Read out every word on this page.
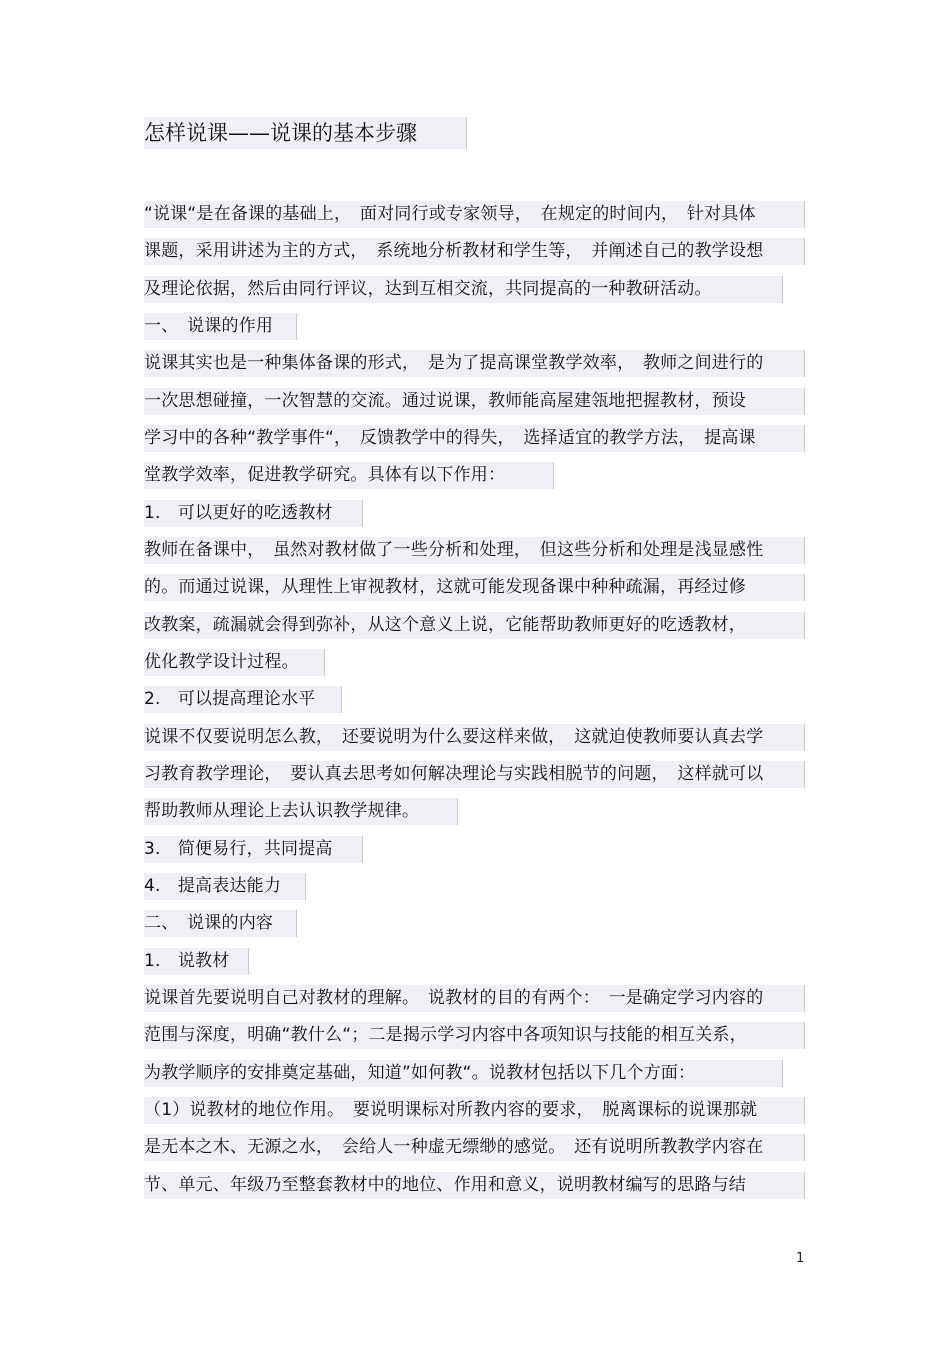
怎样说课——说课的基本步骤
“说课“是在备课的基础上，　面对同行或专家领导，　在规定的时间内，　针对具体
课题，采用讲述为主的方式，　系统地分析教材和学生等，　并阐述自己的教学设想
及理论依据，然后由同行评议，达到互相交流，共同提高的一种教研活动。
一、　说课的作用
说课其实也是一种集体备课的形式，　是为了提高课堂教学效率，　教师之间进行的
一次思想碰撞，一次智慧的交流。通过说课，教师能高屋建瓴地把握教材，预设
学习中的各种“教学事件“，　反馈教学中的得失，　选择适宜的教学方法，　提高课
堂教学效率，促进教学研究。具体有以下作用：
1.　可以更好的吃透教材
教师在备课中，　虽然对教材做了一些分析和处理，　但这些分析和处理是浅显感性
的。而通过说课，从理性上审视教材，这就可能发现备课中种种疏漏，再经过修
改教案，疏漏就会得到弥补，从这个意义上说，它能帮助教师更好的吃透教材，
优化教学设计过程。
2.　可以提高理论水平
说课不仅要说明怎么教，　还要说明为什么要这样来做，　这就迫使教师要认真去学
习教育教学理论，　要认真去思考如何解决理论与实践相脱节的问题，　这样就可以
帮助教师从理论上去认识教学规律。
3.　简便易行，共同提高
4.　提高表达能力
二、　说课的内容
1.　说教材
说课首先要说明自己对教材的理解。　说教材的目的有两个：　一是确定学习内容的
范围与深度，明确“教什么“；二是揭示学习内容中各项知识与技能的相互关系，
为教学顺序的安排奠定基础，知道”如何教“。说教材包括以下几个方面：
（1）说教材的地位作用。　要说明课标对所教内容的要求，　脱离课标的说课那就
是无本之木、无源之水，　会给人一种虚无缥缈的感觉。　还有说明所教教学内容在
节、单元、年级乃至整套教材中的地位、作用和意义，说明教材编写的思路与结
1
